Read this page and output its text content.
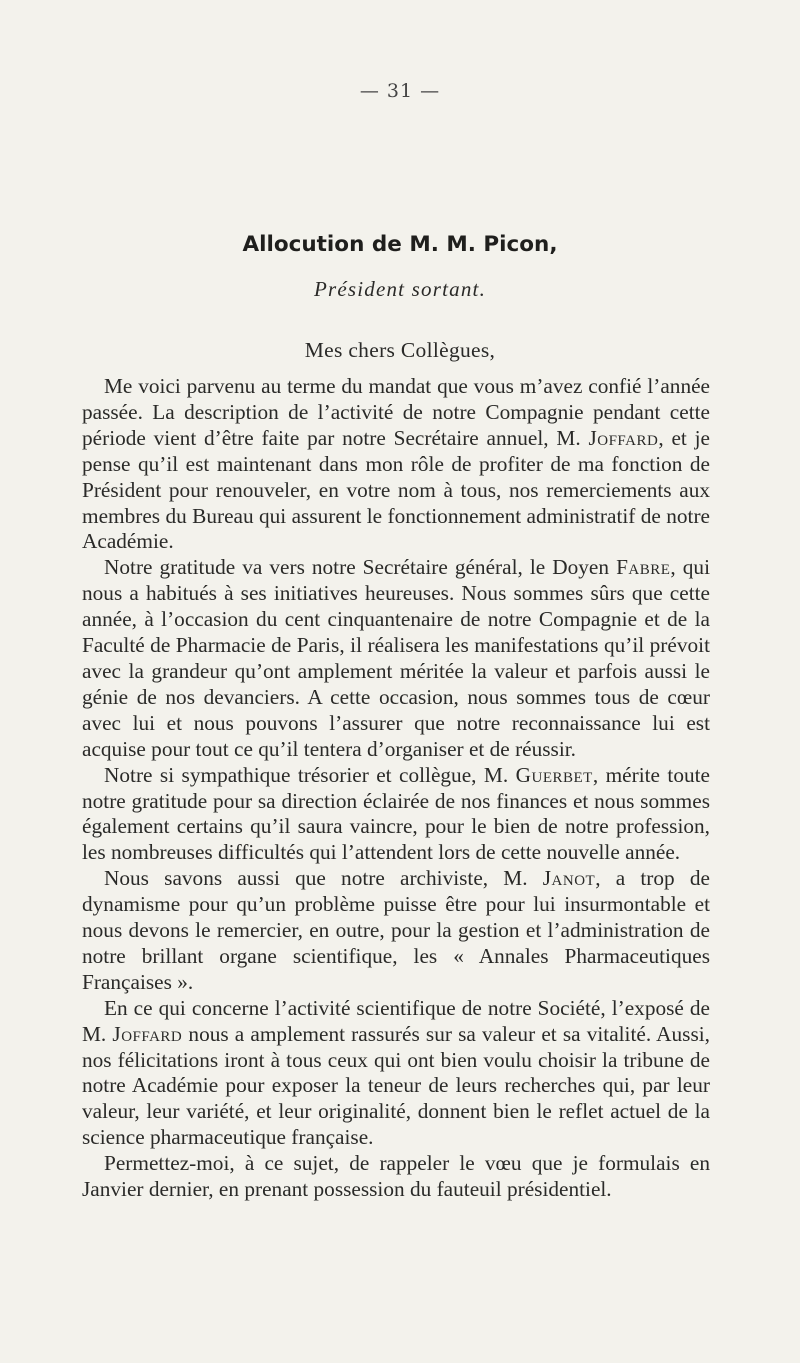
— 31 —
Allocution de M. M. Picon,
Président sortant.
Mes chers Collègues,

Me voici parvenu au terme du mandat que vous m’avez confié l’année passée. La description de l’activité de notre Compagnie pendant cette période vient d’être faite par notre Secrétaire annuel, M. Joffard, et je pense qu’il est maintenant dans mon rôle de profiter de ma fonction de Président pour renouveler, en votre nom à tous, nos remerciements aux membres du Bureau qui assurent le fonctionnement administratif de notre Académie.

Notre gratitude va vers notre Secrétaire général, le Doyen Fabre, qui nous a habitués à ses initiatives heureuses. Nous sommes sûrs que cette année, à l’occasion du cent cinquantenaire de notre Compagnie et de la Faculté de Pharmacie de Paris, il réalisera les manifestations qu’il prévoit avec la grandeur qu’ont amplement méritée la valeur et parfois aussi le génie de nos devanciers. A cette occasion, nous sommes tous de cœur avec lui et nous pouvons l’assurer que notre reconnaissance lui est acquise pour tout ce qu’il tentera d’organiser et de réussir.

Notre si sympathique trésorier et collègue, M. Guerbet, mérite toute notre gratitude pour sa direction éclairée de nos finances et nous sommes également certains qu’il saura vaincre, pour le bien de notre profession, les nombreuses difficultés qui l’attendent lors de cette nouvelle année.

Nous savons aussi que notre archiviste, M. Janot, a trop de dynamisme pour qu’un problème puisse être pour lui insurmontable et nous devons le remercier, en outre, pour la gestion et l’administration de notre brillant organe scientifique, les « Annales Pharmaceutiques Françaises ».

En ce qui concerne l’activité scientifique de notre Société, l’exposé de M. Joffard nous a amplement rassurés sur sa valeur et sa vitalité. Aussi, nos félicitations iront à tous ceux qui ont bien voulu choisir la tribune de notre Académie pour exposer la teneur de leurs recherches qui, par leur valeur, leur variété, et leur originalité, donnent bien le reflet actuel de la science pharmaceutique française.

Permettez-moi, à ce sujet, de rappeler le vœu que je formulais en Janvier dernier, en prenant possession du fauteuil présidentiel.
